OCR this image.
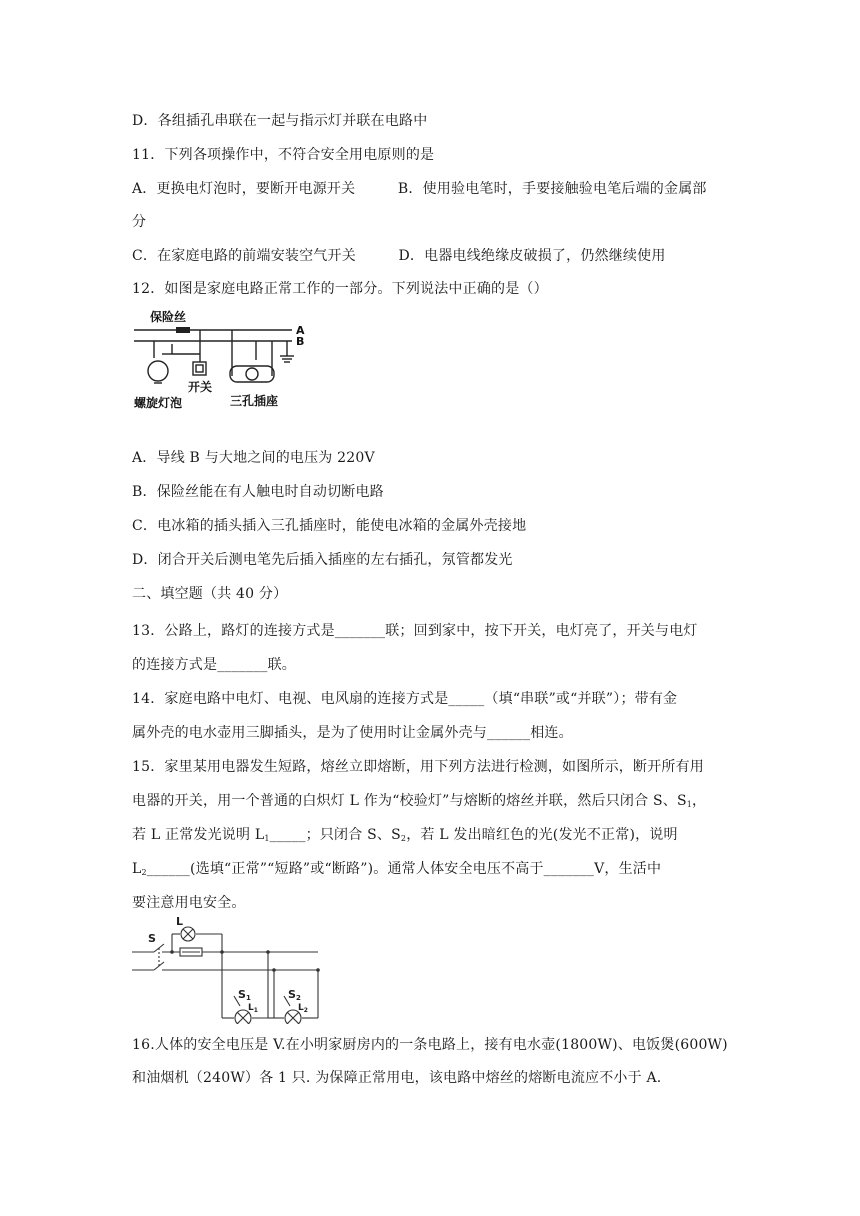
D．各组插孔串联在一起与指示灯并联在电路中
11．下列各项操作中，不符合安全用电原则的是
A．更换电灯泡时，要断开电源开关　　　B．使用验电笔时，手要接触验电笔后端的金属部
分
C．在家庭电路的前端安装空气开关　　　D．电器电线绝缘皮破损了，仍然继续使用
12．如图是家庭电路正常工作的一部分。下列说法中正确的是（）
保险丝
A
B
开关
螺旋灯泡	三孔插座
A．导线 B 与大地之间的电压为 220V
B．保险丝能在有人触电时自动切断电路
C．电冰箱的插头插入三孔插座时，能使电冰箱的金属外壳接地
D．闭合开关后测电笔先后插入插座的左右插孔，氖管都发光
二、填空题（共 40 分）
13．公路上，路灯的连接方式是_______联；回到家中，按下开关，电灯亮了，开关与电灯
的连接方式是_______联。
14．家庭电路中电灯、电视、电风扇的连接方式是_____（填“串联”或“并联”）；带有金
属外壳的电水壶用三脚插头，是为了使用时让金属外壳与______相连。
15．家里某用电器发生短路，熔丝立即熔断，用下列方法进行检测，如图所示，断开所有用
电器的开关，用一个普通的白炽灯 L 作为“校验灯”与熔断的熔丝并联，然后只闭合 S、$S_1$，
若 L 正常发光说明 $L_1\_\_\_\_\_$；只闭合 S、$S_2$，若 L 发出暗红色的光(发光不正常)，说明
$L_2\_\_\_\_\_\_$(选填“正常”“短路”或“断路”)。通常人体安全电压不高于_______V，生活中
要注意用电安全。
S
L
S1
$L_1$
S2
$L_2$
16.人体的安全电压是 V.在小明家厨房内的一条电路上，接有电水壶(1800W)、电饭煲(600W)
和油烟机（240W）各 1 只. 为保障正常用电，该电路中熔丝的熔断电流应不小于 A.
